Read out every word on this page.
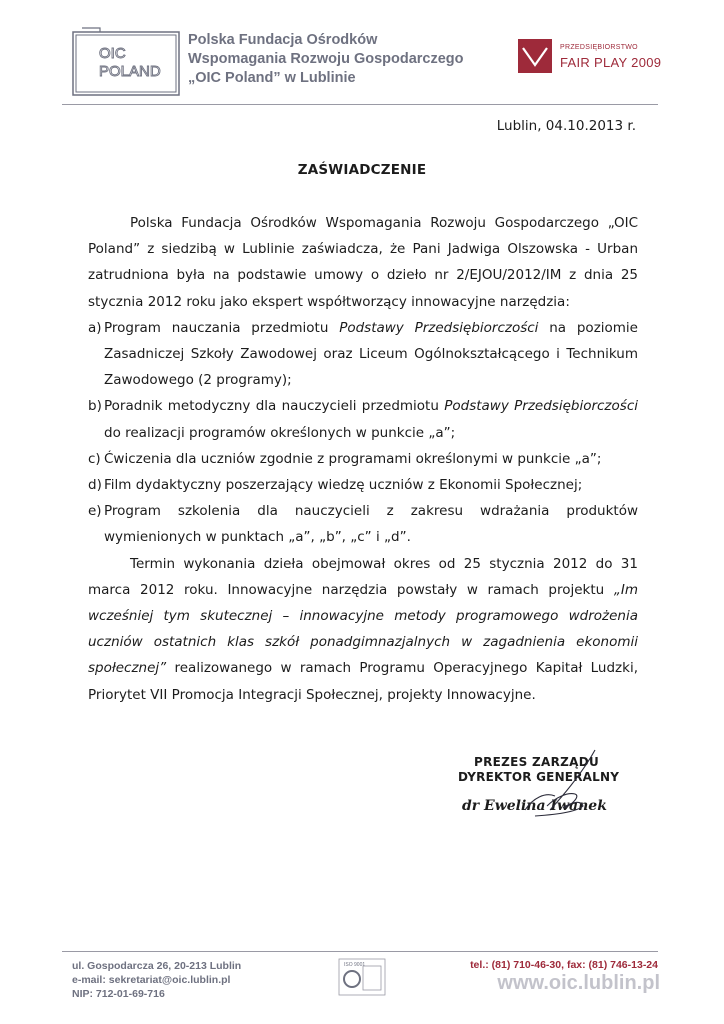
OIC
POLAND
Polska Fundacja Ośrodków
Wspomagania Rozwoju Gospodarczego
„OIC Poland” w Lublinie
PRZEDSIĘBIORSTWO
FAIR PLAY 2009
Lublin, 04.10.2013 r.
ZAŚWIADCZENIE

Polska Fundacja Ośrodków Wspomagania Rozwoju Gospodarczego „OIC Poland” z siedzibą w Lublinie zaświadcza, że Pani Jadwiga Olszowska - Urban zatrudniona była na podstawie umowy o dzieło nr 2/EJOU/2012/IM z dnia 25 stycznia 2012 roku jako ekspert współtworzący innowacyjne narzędzia:

a) Program nauczania przedmiotu Podstawy Przedsiębiorczości na poziomie Zasadniczej Szkoły Zawodowej oraz Liceum Ogólnokształcącego i Technikum Zawodowego (2 programy);
b) Poradnik metodyczny dla nauczycieli przedmiotu Podstawy Przedsiębiorczości do realizacji programów określonych w punkcie „a”;
c) Ćwiczenia dla uczniów zgodnie z programami określonymi w punkcie „a”;
d) Film dydaktyczny poszerzający wiedzę uczniów z Ekonomii Społecznej;
e) Program szkolenia dla nauczycieli z zakresu wdrażania produktów wymienionych w punktach „a”, „b”, „c” i „d”.

Termin wykonania dzieła obejmował okres od 25 stycznia 2012 do 31 marca 2012 roku. Innowacyjne narzędzia powstały w ramach projektu „Im wcześniej tym skutecznej – innowacyjne metody programowego wdrożenia uczniów ostatnich klas szkół ponadgimnazjalnych w zagadnienia ekonomii społecznej” realizowanego w ramach Programu Operacyjnego Kapitał Ludzki, Priorytet VII Promocja Integracji Społecznej, projekty Innowacyjne.

PREZES ZARZĄDU
DYREKTOR GENERALNY
dr Ewelina Iwanek
ul. Gospodarcza 26, 20-213 Lublin
e-mail: sekretariat@oic.lublin.pl
NIP: 712-01-69-716
ISO 9001	tel.: (81) 710-46-30, fax: (81) 746-13-24
www.oic.lublin.pl
